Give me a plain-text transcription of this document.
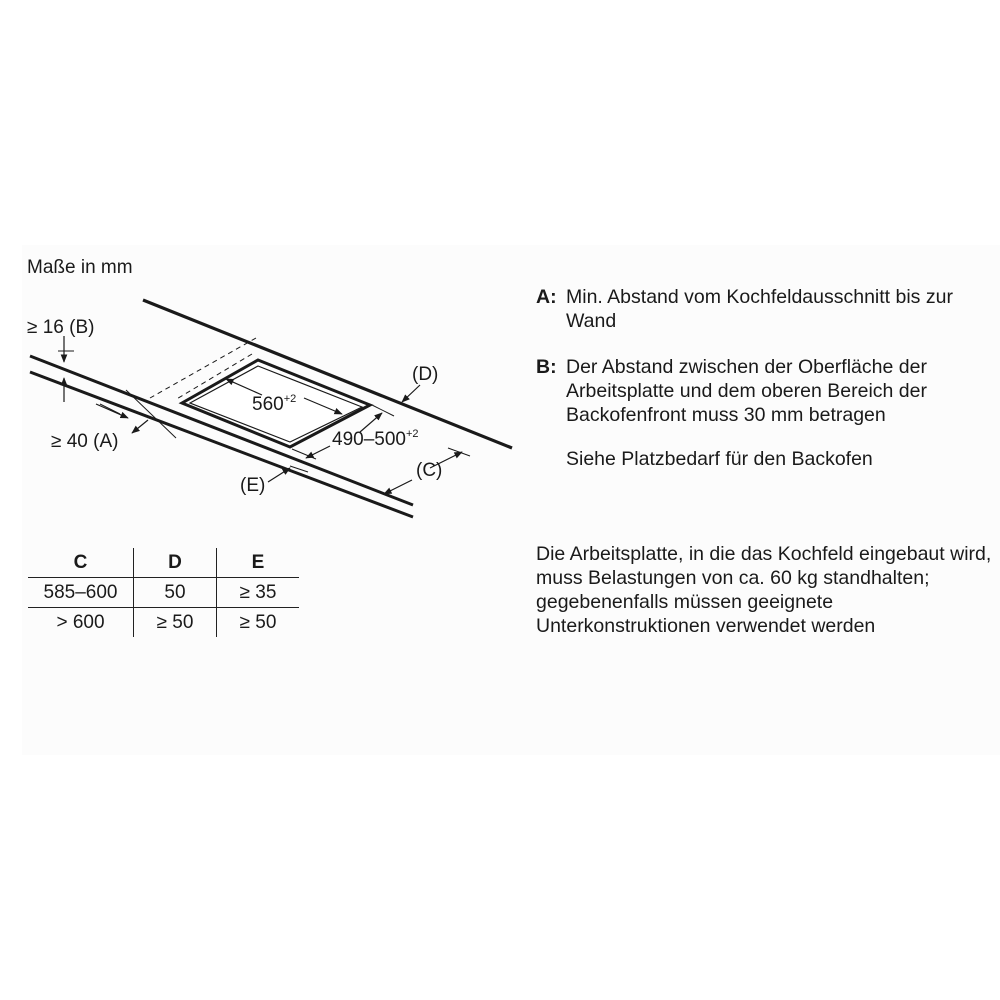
Maße in mm
≥ 16 (B)
≥ 40 (A)
(D)
(C)
(E)
$560^{+2}$
$490-500^{+2}$
C	D	E
585–600	50	≥ 35
> 600	≥ 50	≥ 50
A: Min. Abstand vom Kochfeldausschnitt bis zur Wand
B: Der Abstand zwischen der Oberfläche der Arbeitsplatte und dem oberen Bereich der Backofenfront muss 30 mm betragen
Siehe Platzbedarf für den Backofen
Die Arbeitsplatte, in die das Kochfeld eingebaut wird, muss Belastungen von ca. 60 kg standhalten; gegebenenfalls müssen geeignete Unterkonstruktionen verwendet werden
